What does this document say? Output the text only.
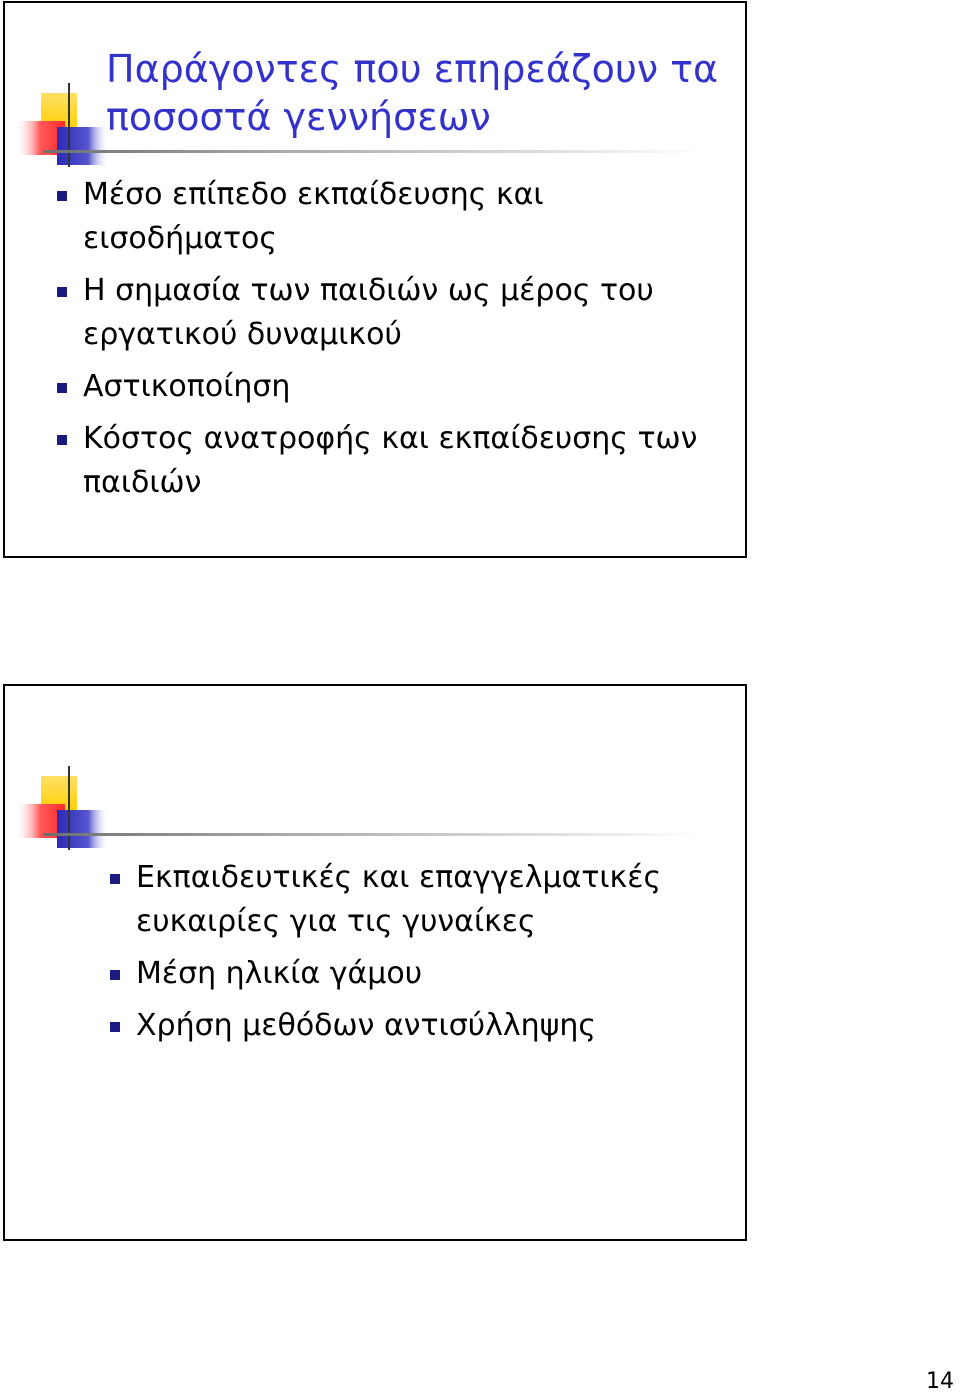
Παράγοντες που επηρεάζουν τα ποσοστά γεννήσεων
Μέσο επίπεδο εκπαίδευσης και εισοδήματος
Η σημασία των παιδιών ως μέρος του εργατικού δυναμικού
Αστικοποίηση
Κόστος ανατροφής και εκπαίδευσης των παιδιών
Εκπαιδευτικές και επαγγελματικές ευκαιρίες για τις γυναίκες
Μέση ηλικία γάμου
Χρήση μεθόδων αντισύλληψης
14
